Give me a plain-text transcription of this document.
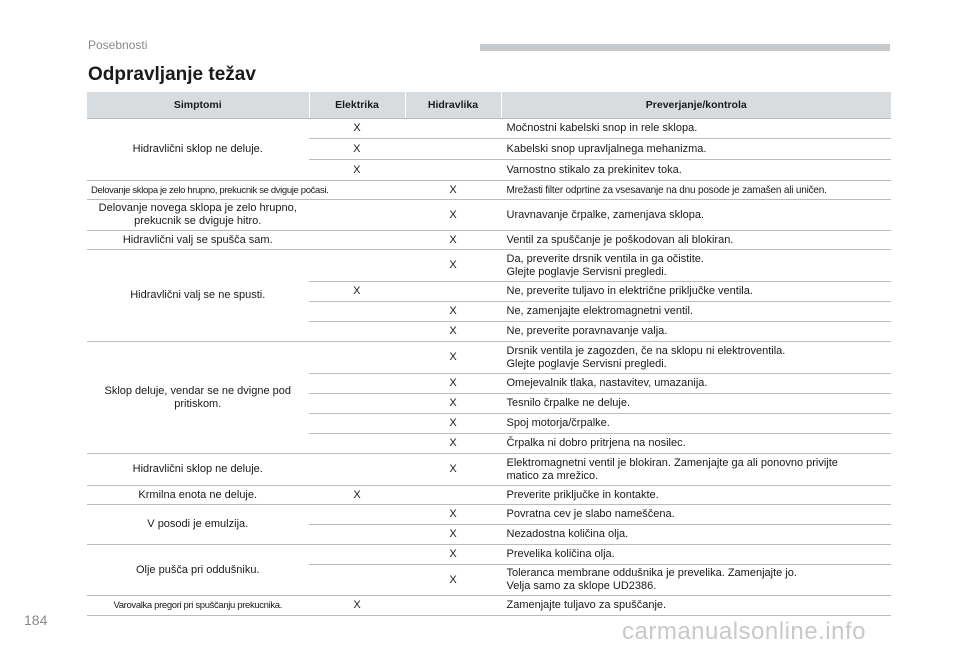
Posebnosti
Odpravljanje težav
Simptomi	Elektrika	Hidravlika	Preverjanje/kontrola
Hidravlični sklop ne deluje.	X		Močnostni kabelski snop in rele sklopa.
	X		Kabelski snop upravljalnega mehanizma.
	X		Varnostno stikalo za prekinitev toka.
Delovanje sklopa je zelo hrupno, prekucnik se dviguje počasi.		X	Mrežasti filter odprtine za vsesavanje na dnu posode je zamašen ali uničen.
Delovanje novega sklopa je zelo hrupno, prekucnik se dviguje hitro.		X	Uravnavanje črpalke, zamenjava sklopa.
Hidravlični valj se spušča sam.		X	Ventil za spuščanje je poškodovan ali blokiran.
Hidravlični valj se ne spusti.		X	Da, preverite drsnik ventila in ga očistite.
Glejte poglavje Servisni pregledi.
	X		Ne, preverite tuljavo in električne priključke ventila.
		X	Ne, zamenjajte elektromagnetni ventil.
		X	Ne, preverite poravnavanje valja.
Sklop deluje, vendar se ne dvigne pod pritiskom.		X	Drsnik ventila je zagozden, če na sklopu ni elektroventila.
Glejte poglavje Servisni pregledi.
		X	Omejevalnik tlaka, nastavitev, umazanija.
		X	Tesnilo črpalke ne deluje.
		X	Spoj motorja/črpalke.
		X	Črpalka ni dobro pritrjena na nosilec.
Hidravlični sklop ne deluje.		X	Elektromagnetni ventil je blokiran. Zamenjajte ga ali ponovno privijte
matico za mrežico.
Krmilna enota ne deluje.	X		Preverite priključke in kontakte.
V posodi je emulzija.		X	Povratna cev je slabo nameščena.
		X	Nezadostna količina olja.
Olje pušča pri oddušniku.		X	Prevelika količina olja.
		X	Toleranca membrane oddušnika je prevelika. Zamenjajte jo.
Velja samo za sklope UD2386.
Varovalka pregori pri spuščanju prekucnika.	X		Zamenjajte tuljavo za spuščanje.
184	carmanualsonline.info
